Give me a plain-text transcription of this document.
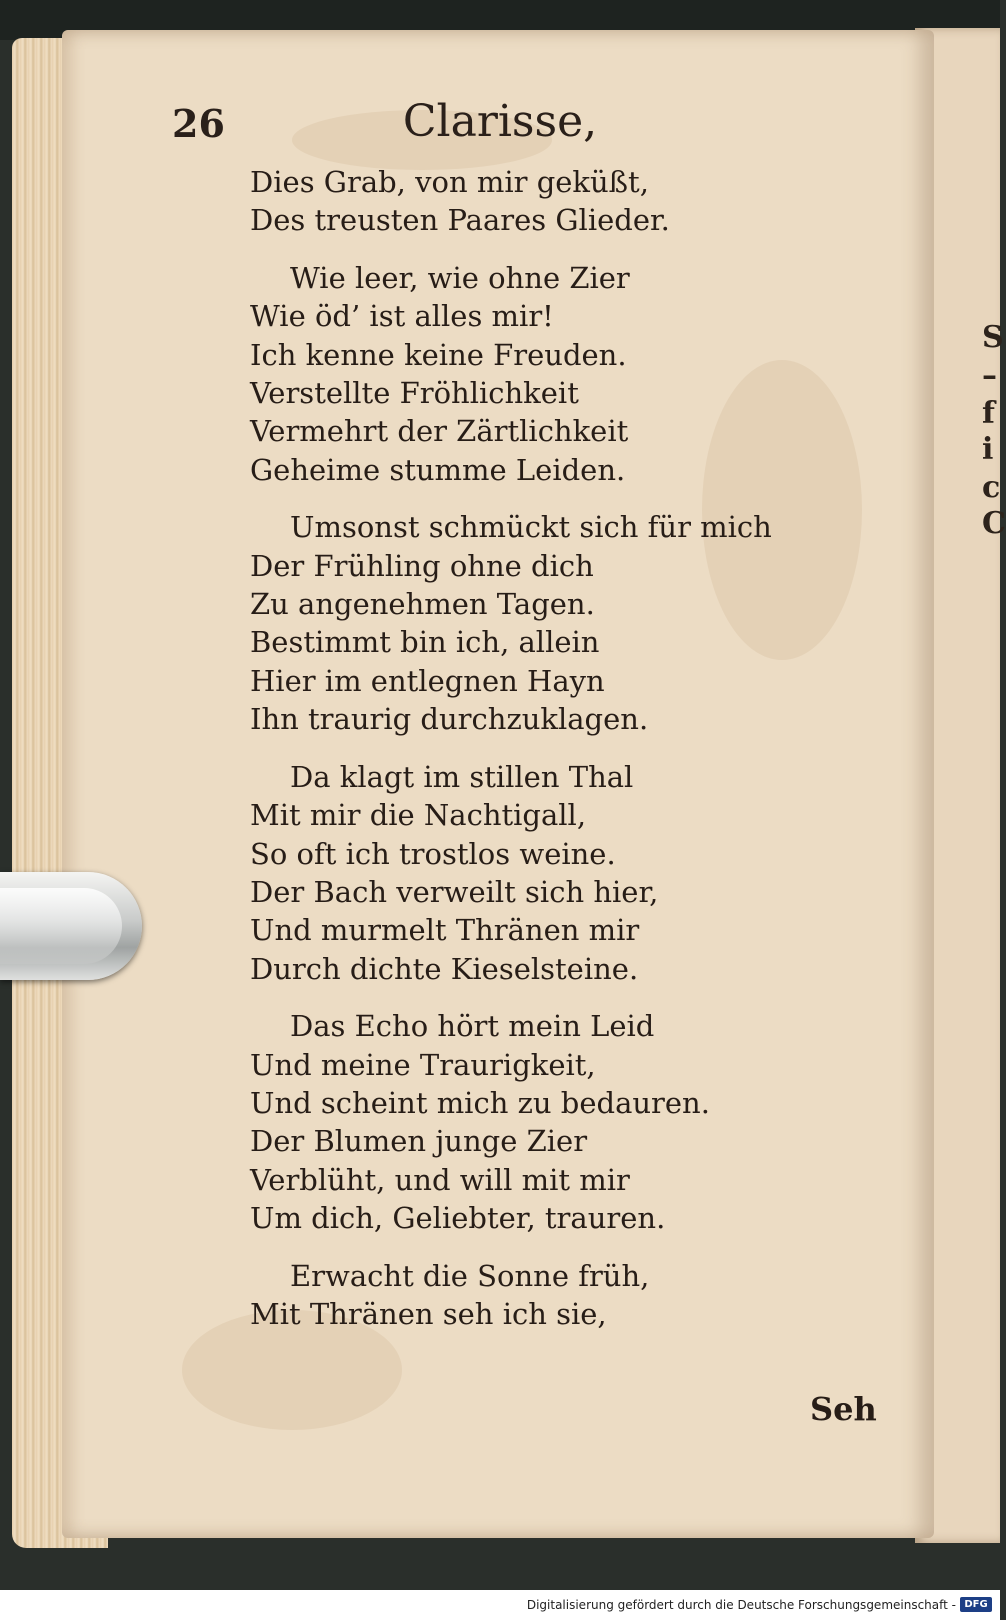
S
–
f
i
c
C
26	Clarisse,
Dies Grab, von mir geküßt,
Des treusten Paares Glieder.
Wie leer, wie ohne Zier
Wie öd’ ist alles mir!
Ich kenne keine Freuden.
Verstellte Fröhlichkeit
Vermehrt der Zärtlichkeit
Geheime stumme Leiden.
Umsonst schmückt sich für mich
Der Frühling ohne dich
Zu angenehmen Tagen.
Bestimmt bin ich, allein
Hier im entlegnen Hayn
Ihn traurig durchzuklagen.
Da klagt im stillen Thal
Mit mir die Nachtigall,
So oft ich trostlos weine.
Der Bach verweilt sich hier,
Und murmelt Thränen mir
Durch dichte Kieselsteine.
Das Echo hört mein Leid
Und meine Traurigkeit,
Und scheint mich zu bedauren.
Der Blumen junge Zier
Verblüht, und will mit mir
Um dich, Geliebter, trauren.
Erwacht die Sonne früh,
Mit Thränen seh ich sie,
Seh
Digitalisierung gefördert durch die Deutsche Forschungsgemeinschaft - DFG
